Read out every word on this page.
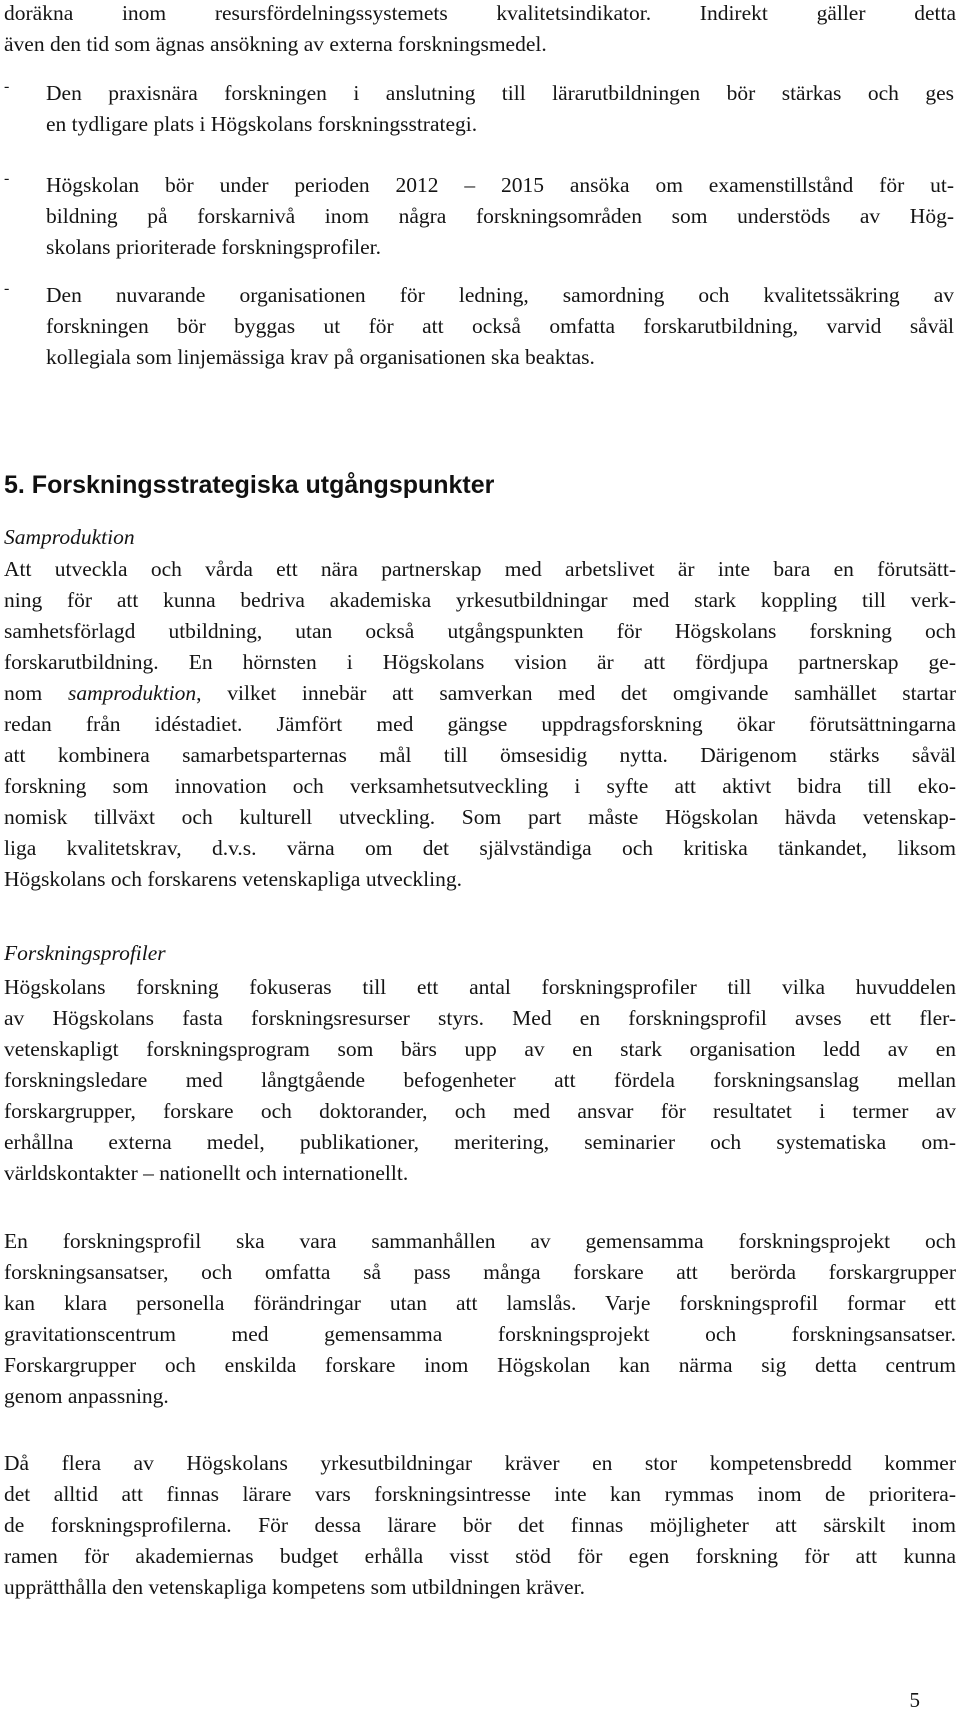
doräkna inom resursfördelningssystemets kvalitetsindikator. Indirekt gäller detta
även den tid som ägnas ansökning av externa forskningsmedel.
-	Den praxisnära forskningen i anslutning till lärarutbildningen bör stärkas och ges
en tydligare plats i Högskolans forskningsstrategi.
-	Högskolan bör under perioden 2012 – 2015 ansöka om examenstillstånd för ut-
bildning på forskarnivå inom några forskningsområden som understöds av Hög-
skolans prioriterade forskningsprofiler.
-	Den nuvarande organisationen för ledning, samordning och kvalitetssäkring av
forskningen bör byggas ut för att också omfatta forskarutbildning, varvid såväl
kollegiala som linjemässiga krav på organisationen ska beaktas.
5. Forskningsstrategiska utgångspunkter
Samproduktion
Att utveckla och vårda ett nära partnerskap med arbetslivet är inte bara en förutsätt-
ning för att kunna bedriva akademiska yrkesutbildningar med stark koppling till verk-
samhetsförlagd utbildning, utan också utgångspunkten för Högskolans forskning och
forskarutbildning. En hörnsten i Högskolans vision är att fördjupa partnerskap ge-
nom samproduktion, vilket innebär att samverkan med det omgivande samhället startar
redan från idéstadiet. Jämfört med gängse uppdragsforskning ökar förutsättningarna
att kombinera samarbetsparternas mål till ömsesidig nytta. Därigenom stärks såväl
forskning som innovation och verksamhetsutveckling i syfte att aktivt bidra till eko-
nomisk tillväxt och kulturell utveckling. Som part måste Högskolan hävda vetenskap-
liga kvalitetskrav, d.v.s. värna om det självständiga och kritiska tänkandet, liksom
Högskolans och forskarens vetenskapliga utveckling.
Forskningsprofiler
Högskolans forskning fokuseras till ett antal forskningsprofiler till vilka huvuddelen
av Högskolans fasta forskningsresurser styrs. Med en forskningsprofil avses ett fler-
vetenskapligt forskningsprogram som bärs upp av en stark organisation ledd av en
forskningsledare med långtgående befogenheter att fördela forskningsanslag mellan
forskargrupper, forskare och doktorander, och med ansvar för resultatet i termer av
erhållna externa medel, publikationer, meritering, seminarier och systematiska om-
världskontakter – nationellt och internationellt.
En forskningsprofil ska vara sammanhållen av gemensamma forskningsprojekt och
forskningsansatser, och omfatta så pass många forskare att berörda forskargrupper
kan klara personella förändringar utan att lamslås. Varje forskningsprofil formar ett
gravitationscentrum med gemensamma forskningsprojekt och forskningsansatser.
Forskargrupper och enskilda forskare inom Högskolan kan närma sig detta centrum
genom anpassning.
Då flera av Högskolans yrkesutbildningar kräver en stor kompetensbredd kommer
det alltid att finnas lärare vars forskningsintresse inte kan rymmas inom de prioritera-
de forskningsprofilerna. För dessa lärare bör det finnas möjligheter att särskilt inom
ramen för akademiernas budget erhålla visst stöd för egen forskning för att kunna
upprätthålla den vetenskapliga kompetens som utbildningen kräver.
5
